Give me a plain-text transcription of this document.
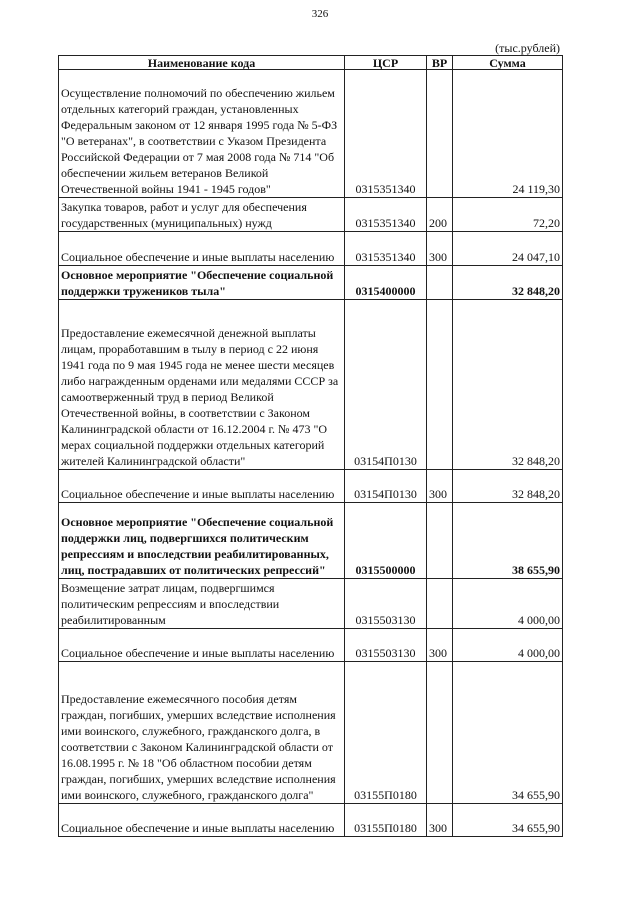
326
(тыс.рублей)
Наименование кода	ЦСР	ВР	Сумма
Осуществление полномочий по обеспечению жильем отдельных категорий граждан, установленных Федеральным законом от 12 января 1995 года № 5-ФЗ "О ветеранах", в соответствии с Указом Президента Российской Федерации от 7 мая 2008 года № 714 "Об обеспечении жильем ветеранов Великой Отечественной войны 1941 - 1945 годов"	0315351340		24 119,30
Закупка товаров, работ и услуг для обеспечения государственных (муниципальных) нужд	0315351340	200	72,20
Социальное обеспечение и иные выплаты населению	0315351340	300	24 047,10
Основное мероприятие "Обеспечение социальной поддержки тружеников тыла"	0315400000		32 848,20
Предоставление ежемесячной денежной выплаты лицам, проработавшим в тылу в период с 22 июня 1941 года по 9 мая 1945 года не менее шести месяцев либо награжденным орденами или медалями СССР за самоотверженный труд в период Великой Отечественной войны, в соответствии с Законом Калининградской области от 16.12.2004 г. № 473 "О мерах социальной поддержки отдельных категорий жителей Калининградской области"	03154П0130		32 848,20
Социальное обеспечение и иные выплаты населению	03154П0130	300	32 848,20
Основное мероприятие "Обеспечение социальной поддержки лиц, подвергшихся политическим репрессиям и впоследствии реабилитированных, лиц, пострадавших от политических репрессий"	0315500000		38 655,90
Возмещение затрат лицам, подвергшимся политическим репрессиям и впоследствии реабилитированным	0315503130		4 000,00
Социальное обеспечение и иные выплаты населению	0315503130	300	4 000,00
Предоставление ежемесячного пособия детям граждан, погибших, умерших вследствие исполнения ими воинского, служебного, гражданского долга, в соответствии с Законом Калининградской области от 16.08.1995 г. № 18 "Об областном пособии детям граждан, погибших, умерших вследствие исполнения ими воинского, служебного, гражданского долга"	03155П0180		34 655,90
Социальное обеспечение и иные выплаты населению	03155П0180	300	34 655,90
